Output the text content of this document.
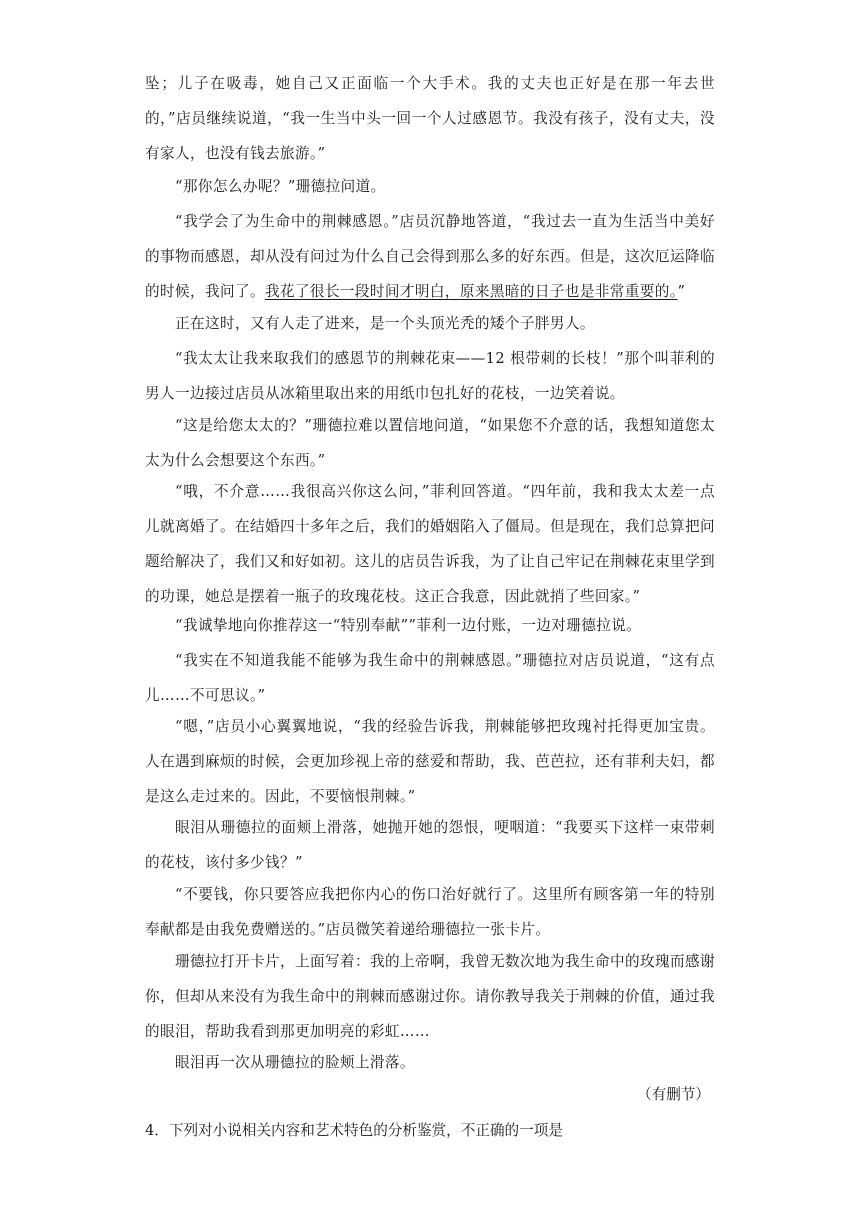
坠；儿子在吸毒，她自己又正面临一个大手术。我的丈夫也正好是在那一年去世的，”店员继续说道，“我一生当中头一回一个人过感恩节。我没有孩子，没有丈夫，没有家人，也没有钱去旅游。”

“那你怎么办呢？”珊德拉问道。

“我学会了为生命中的荆棘感恩。”店员沉静地答道，“我过去一直为生活当中美好的事物而感恩，却从没有问过为什么自己会得到那么多的好东西。但是，这次厄运降临的时候，我问了。我花了很长一段时间才明白，原来黑暗的日子也是非常重要的。”

正在这时，又有人走了进来，是一个头顶光秃的矮个子胖男人。

“我太太让我来取我们的感恩节的荆棘花束——12 根带刺的长枝！”那个叫菲利的男人一边接过店员从冰箱里取出来的用纸巾包扎好的花枝，一边笑着说。

“这是给您太太的？”珊德拉难以置信地问道，“如果您不介意的话，我想知道您太太为什么会想要这个东西。”

“哦，不介意……我很高兴你这么问，”菲利回答道。“四年前，我和我太太差一点儿就离婚了。在结婚四十多年之后，我们的婚姻陷入了僵局。但是现在，我们总算把问题给解决了，我们又和好如初。这儿的店员告诉我，为了让自己牢记在荆棘花束里学到的功课，她总是摆着一瓶子的玫瑰花枝。这正合我意，因此就捎了些回家。”

“我诚挚地向你推荐这一“特别奉献””菲利一边付账，一边对珊德拉说。

“我实在不知道我能不能够为我生命中的荆棘感恩。”珊德拉对店员说道，“这有点儿……不可思议。”

“嗯，”店员小心翼翼地说，“我的经验告诉我，荆棘能够把玫瑰衬托得更加宝贵。人在遇到麻烦的时候，会更加珍视上帝的慈爱和帮助，我、芭芭拉，还有菲利夫妇，都是这么走过来的。因此，不要恼恨荆棘。”

眼泪从珊德拉的面颊上滑落，她抛开她的怨恨，哽咽道：“我要买下这样一束带刺的花枝，该付多少钱？”

“不要钱，你只要答应我把你内心的伤口治好就行了。这里所有顾客第一年的特别奉献都是由我免费赠送的。”店员微笑着递给珊德拉一张卡片。

珊德拉打开卡片，上面写着：我的上帝啊，我曾无数次地为我生命中的玫瑰而感谢你，但却从来没有为我生命中的荆棘而感谢过你。请你教导我关于荆棘的价值，通过我的眼泪，帮助我看到那更加明亮的彩虹……

眼泪再一次从珊德拉的脸颊上滑落。

（有删节）

4．下列对小说相关内容和艺术特色的分析鉴赏，不正确的一项是
